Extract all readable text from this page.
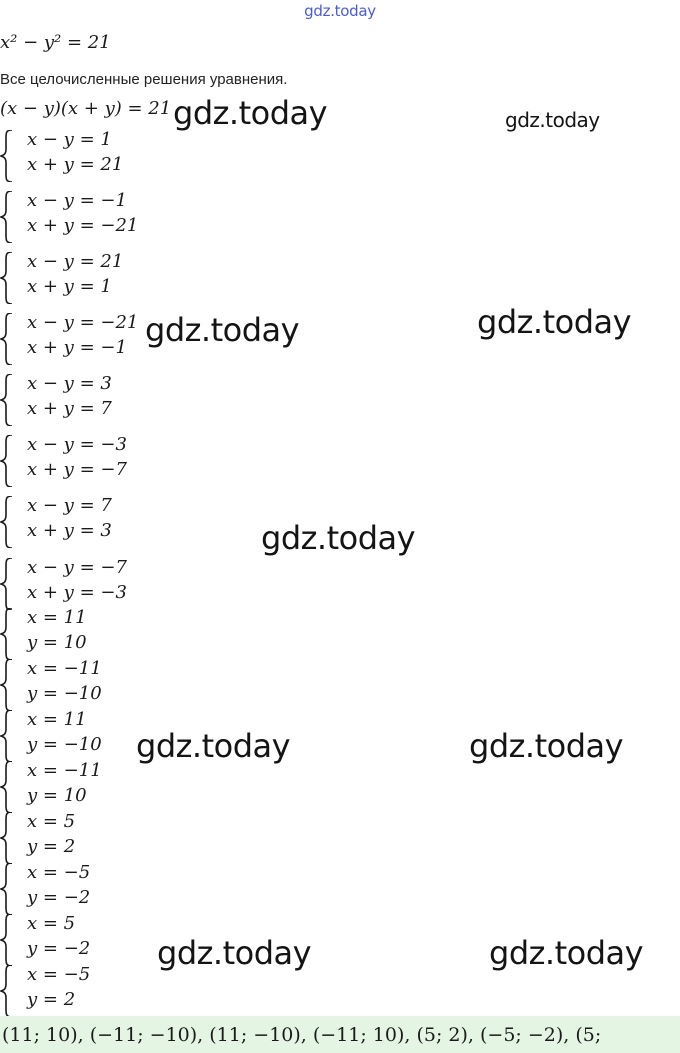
gdz.today
x² − y² = 21
Все целочисленные решения уравнения.
(x − y)(x + y) = 21
x − y = 1
x + y = 21
x − y = −1
x + y = −21
x − y = 21
x + y = 1
x − y = −21
x + y = −1
x − y = 3
x + y = 7
x − y = −3
x + y = −7
x − y = 7
x + y = 3
x − y = −7
x + y = −3
x = 11
y = 10
x = −11
y = −10
x = 11
y = −10
x = −11
y = 10
x = 5
y = 2
x = −5
y = −2
x = 5
y = −2
x = −5
y = 2
(11; 10), (−11; −10), (11; −10), (−11; 10), (5; 2), (−5; −2), (5;
gdz.today	gdz.today
gdz.today	gdz.today
gdz.today
gdz.today	gdz.today
gdz.today	gdz.today
